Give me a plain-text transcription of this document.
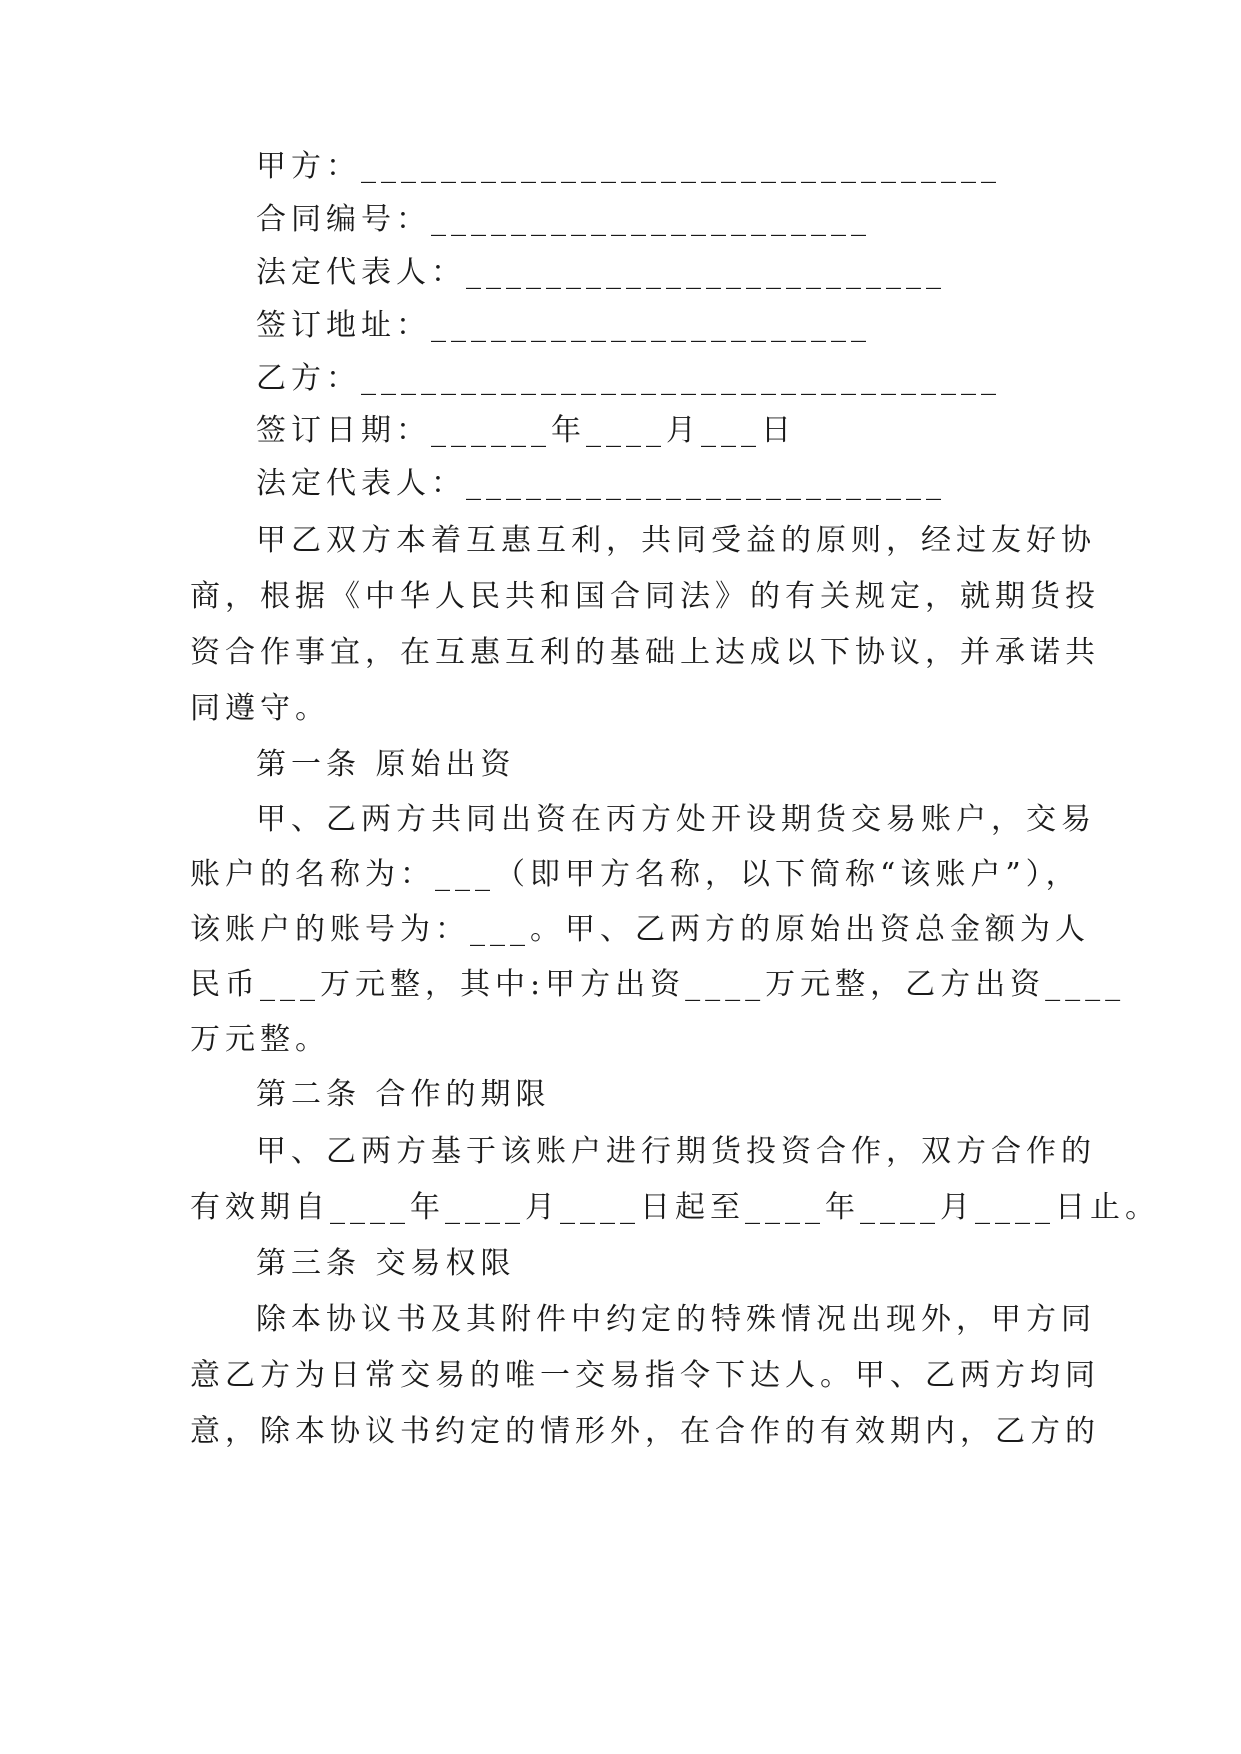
甲方：________________________________
合同编号：______________________
法定代表人：________________________
签订地址：______________________
乙方：________________________________
签订日期：______年____月___日
法定代表人：________________________
甲乙双方本着互惠互利，共同受益的原则，经过友好协
商，根据《中华人民共和国合同法》的有关规定，就期货投
资合作事宜，在互惠互利的基础上达成以下协议，并承诺共
同遵守。
第一条 原始出资
甲、乙两方共同出资在丙方处开设期货交易账户，交易
账户的名称为：___（即甲方名称，以下简称“该账户”），
该账户的账号为：___。甲、乙两方的原始出资总金额为人
民币___万元整，其中:甲方出资____万元整，乙方出资____
万元整。
第二条 合作的期限
甲、乙两方基于该账户进行期货投资合作，双方合作的
有效期自____年____月____日起至____年____月____日止。
第三条 交易权限
除本协议书及其附件中约定的特殊情况出现外，甲方同
意乙方为日常交易的唯一交易指令下达人。甲、乙两方均同
意，除本协议书约定的情形外，在合作的有效期内，乙方的
